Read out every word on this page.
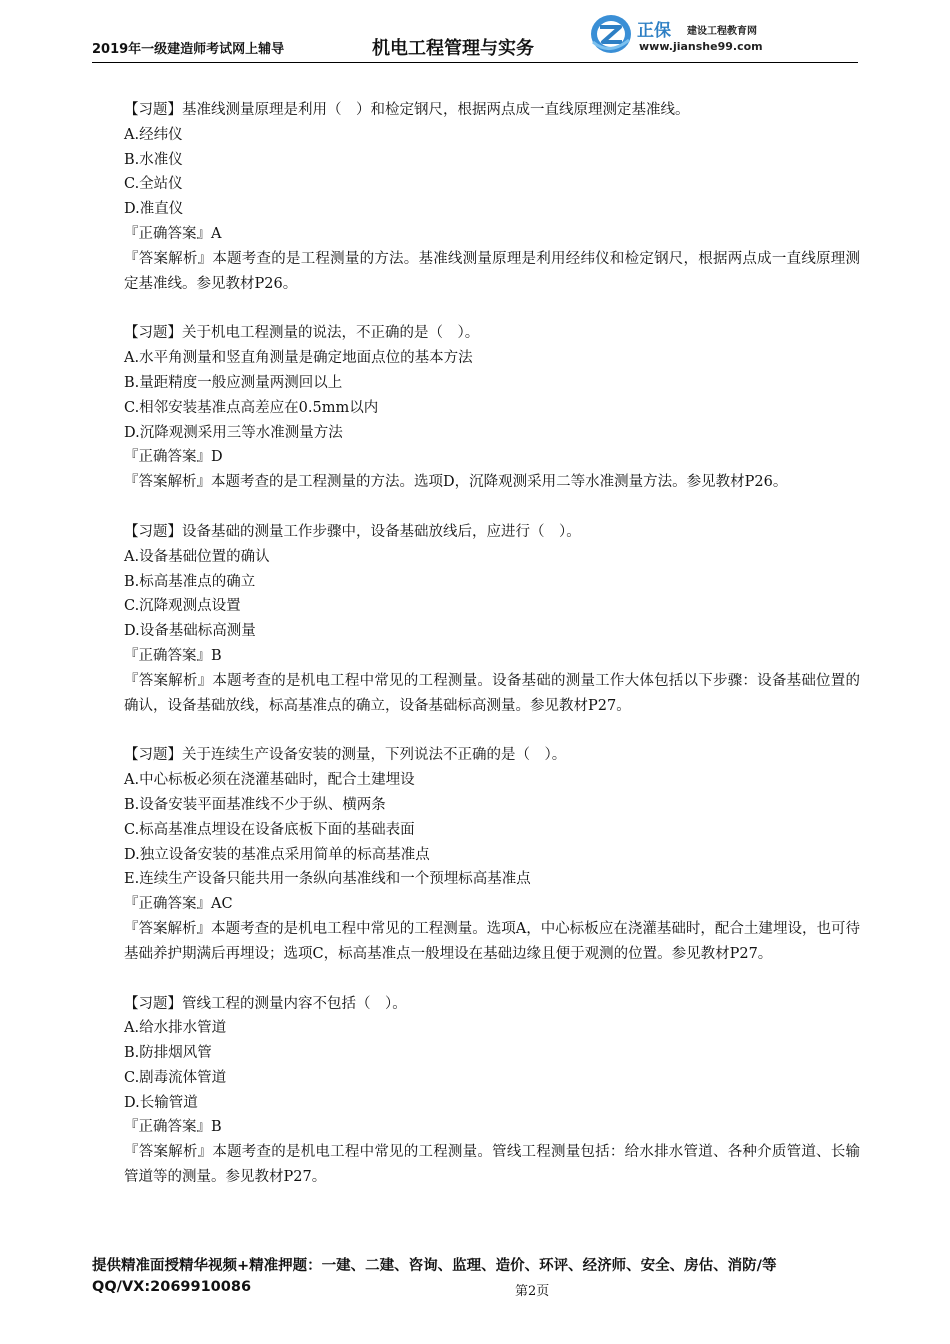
2019年一级建造师考试网上辅导	机电工程管理与实务
正保 建设工程教育网
www.jianshe99.com
【习题】基准线测量原理是利用（　）和检定钢尺，根据两点成一直线原理测定基准线。
A.经纬仪
B.水准仪
C.全站仪
D.准直仪
『正确答案』A
『答案解析』本题考查的是工程测量的方法。基准线测量原理是利用经纬仪和检定钢尺，根据两点成一直线原理测定基准线。参见教材P26。
【习题】关于机电工程测量的说法，不正确的是（　）。
A.水平角测量和竖直角测量是确定地面点位的基本方法
B.量距精度一般应测量两测回以上
C.相邻安装基准点高差应在0.5mm以内
D.沉降观测采用三等水准测量方法
『正确答案』D
『答案解析』本题考查的是工程测量的方法。选项D，沉降观测采用二等水准测量方法。参见教材P26。
【习题】设备基础的测量工作步骤中，设备基础放线后，应进行（　）。
A.设备基础位置的确认
B.标高基准点的确立
C.沉降观测点设置
D.设备基础标高测量
『正确答案』B
『答案解析』本题考查的是机电工程中常见的工程测量。设备基础的测量工作大体包括以下步骤：设备基础位置的确认，设备基础放线，标高基准点的确立，设备基础标高测量。参见教材P27。
【习题】关于连续生产设备安装的测量，下列说法不正确的是（　）。
A.中心标板必须在浇灌基础时，配合土建埋设
B.设备安装平面基准线不少于纵、横两条
C.标高基准点埋设在设备底板下面的基础表面
D.独立设备安装的基准点采用简单的标高基准点
E.连续生产设备只能共用一条纵向基准线和一个预埋标高基准点
『正确答案』AC
『答案解析』本题考查的是机电工程中常见的工程测量。选项A，中心标板应在浇灌基础时，配合土建埋设，也可待基础养护期满后再埋设；选项C，标高基准点一般埋设在基础边缘且便于观测的位置。参见教材P27。
【习题】管线工程的测量内容不包括（　）。
A.给水排水管道
B.防排烟风管
C.剧毒流体管道
D.长输管道
『正确答案』B
『答案解析』本题考查的是机电工程中常见的工程测量。管线工程测量包括：给水排水管道、各种介质管道、长输管道等的测量。参见教材P27。
提供精准面授精华视频+精准押题：一建、二建、咨询、监理、造价、环评、经济师、安全、房估、消防/等
QQ/VX:2069910086	第2页
